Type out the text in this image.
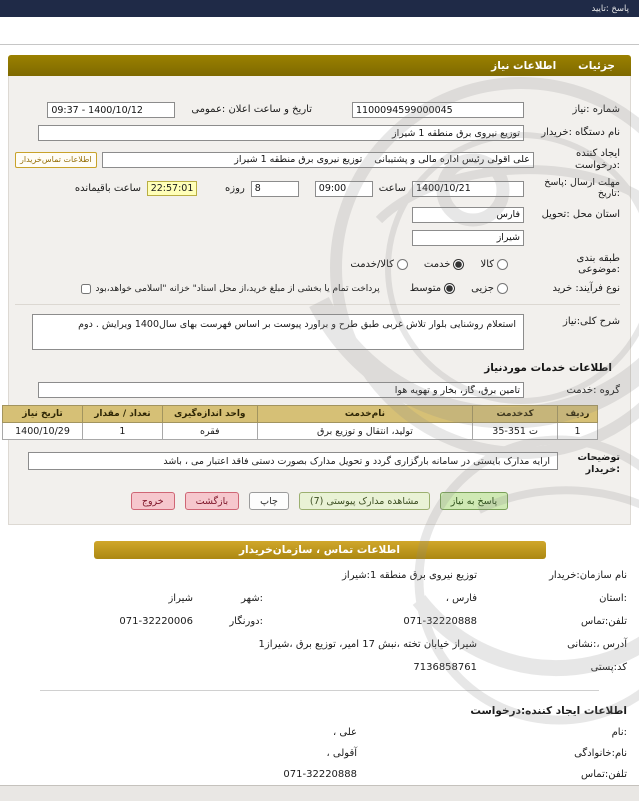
پاسخ :تایید
جزئیات
اطلاعات نیاز
شماره :نیاز
1100094599000045
تاریخ و ساعت اعلان :عمومی
09:37 - 1400/10/12
نام دستگاه :خریدار
توزیع نیروی برق منطقه 1 شیراز
ایجاد کننده :درخواست
علی آقولی رئیس اداره مالی و پشتیبانی توزیع نیروی برق منطقه 1 شیراز
اطلاعات تماس‌خریدار
مهلت ارسال :پاسخ
:تاریخ
1400/10/21
ساعت
09:00
8
روزه
22:57:01
ساعت باقیمانده
استان محل :تحویل
فارس
شیراز
طبقه بندی :موضوعی
کالا
خدمت
کالا/خدمت
نوع فرآیند: خرید
جزیی
متوسط
پرداخت تمام یا بخشی از مبلغ خرید،از محل اسناد" خزانه "اسلامی خواهد،بود
شرح کلی:نیاز
استعلام روشنایی بلوار تلاش غربی طبق طرح و براورد پیوست بر اساس فهرست بهای سال1400 ویرایش . دوم
اطلاعات خدمات موردنیاز
گروه :خدمت
تامین برق، گاز، بخار و تهویه هوا
ردیف	کدخدمت	نام‌خدمت	واحد اندازه‌گیری	تعداد / مقدار	تاریخ نیاز
1	ت 351-35	تولید، انتقال و توزیع برق	فقره	1	1400/10/29
توضیحات
:خریدار
ارایه مدارک بایستی در سامانه بارگزاری گردد و تحویل مدارک بصورت دستی فاقد اعتبار می ، باشد
پاسخ به نیاز
مشاهده مدارک پیوستی (7)
چاپ
بازگشت
خروج
اطلاعات تماس ، سازمان‌خریدار
نام سازمان:خریدار
توزیع نیروی برق منطقه 1:شیراز
:استان
فارس ،
:شهر
شیراز
تلفن:تماس
071-32220888
:دورنگار
071-32220006
آدرس ،:نشانی
شیراز خیابان تخته ،نبش 17 امیر، توزیع برق ،شیراز1
کد:پستی
7136858761
اطلاعات ایجاد کننده:درخواست
:نام
علی ،
نام:خانوادگی
آقولی ،
تلفن:تماس
071-32220888
